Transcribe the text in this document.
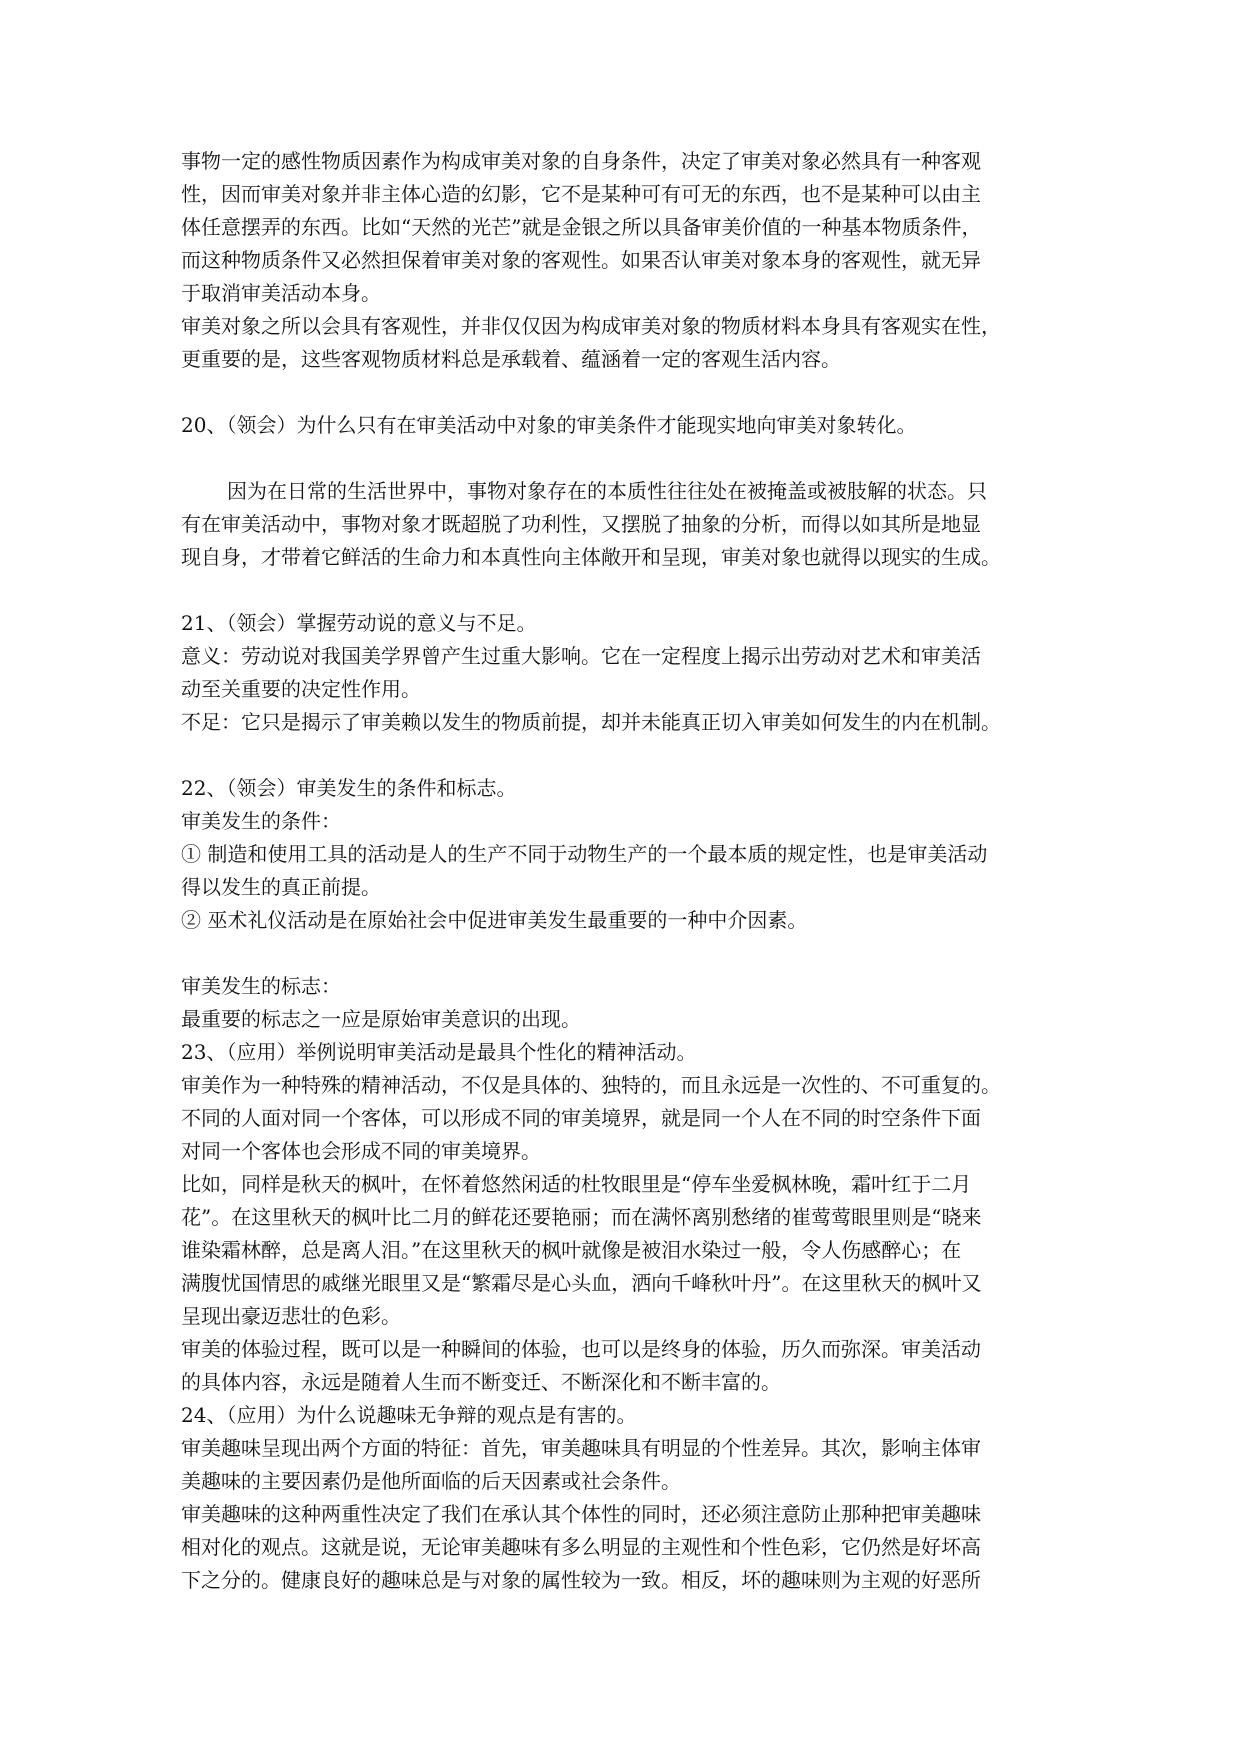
事物一定的感性物质因素作为构成审美对象的自身条件，决定了审美对象必然具有一种客观
性，因而审美对象并非主体心造的幻影，它不是某种可有可无的东西，也不是某种可以由主
体任意摆弄的东西。比如“天然的光芒”就是金银之所以具备审美价值的一种基本物质条件，
而这种物质条件又必然担保着审美对象的客观性。如果否认审美对象本身的客观性，就无异
于取消审美活动本身。
审美对象之所以会具有客观性，并非仅仅因为构成审美对象的物质材料本身具有客观实在性，
更重要的是，这些客观物质材料总是承载着、蕴涵着一定的客观生活内容。
20、（领会）为什么只有在审美活动中对象的审美条件才能现实地向审美对象转化。
因为在日常的生活世界中，事物对象存在的本质性往往处在被掩盖或被肢解的状态。只
有在审美活动中，事物对象才既超脱了功利性，又摆脱了抽象的分析，而得以如其所是地显
现自身，才带着它鲜活的生命力和本真性向主体敞开和呈现，审美对象也就得以现实的生成。
21、（领会）掌握劳动说的意义与不足。
意义：劳动说对我国美学界曾产生过重大影响。它在一定程度上揭示出劳动对艺术和审美活
动至关重要的决定性作用。
不足：它只是揭示了审美赖以发生的物质前提，却并未能真正切入审美如何发生的内在机制。
22、（领会）审美发生的条件和标志。
审美发生的条件：
① 制造和使用工具的活动是人的生产不同于动物生产的一个最本质的规定性，也是审美活动
得以发生的真正前提。
② 巫术礼仪活动是在原始社会中促进审美发生最重要的一种中介因素。
审美发生的标志：
最重要的标志之一应是原始审美意识的出现。
23、（应用）举例说明审美活动是最具个性化的精神活动。
审美作为一种特殊的精神活动，不仅是具体的、独特的，而且永远是一次性的、不可重复的。
不同的人面对同一个客体，可以形成不同的审美境界，就是同一个人在不同的时空条件下面
对同一个客体也会形成不同的审美境界。
比如，同样是秋天的枫叶，在怀着悠然闲适的杜牧眼里是“停车坐爱枫林晚，霜叶红于二月
花”。在这里秋天的枫叶比二月的鲜花还要艳丽；而在满怀离别愁绪的崔莺莺眼里则是“晓来
谁染霜林醉，总是离人泪。”在这里秋天的枫叶就像是被泪水染过一般，令人伤感醉心；在
满腹忧国情思的戚继光眼里又是“繁霜尽是心头血，洒向千峰秋叶丹”。在这里秋天的枫叶又
呈现出豪迈悲壮的色彩。
审美的体验过程，既可以是一种瞬间的体验，也可以是终身的体验，历久而弥深。审美活动
的具体内容，永远是随着人生而不断变迁、不断深化和不断丰富的。
24、（应用）为什么说趣味无争辩的观点是有害的。
审美趣味呈现出两个方面的特征：首先，审美趣味具有明显的个性差异。其次，影响主体审
美趣味的主要因素仍是他所面临的后天因素或社会条件。
审美趣味的这种两重性决定了我们在承认其个体性的同时，还必须注意防止那种把审美趣味
相对化的观点。这就是说，无论审美趣味有多么明显的主观性和个性色彩，它仍然是好坏高
下之分的。健康良好的趣味总是与对象的属性较为一致。相反，坏的趣味则为主观的好恶所
